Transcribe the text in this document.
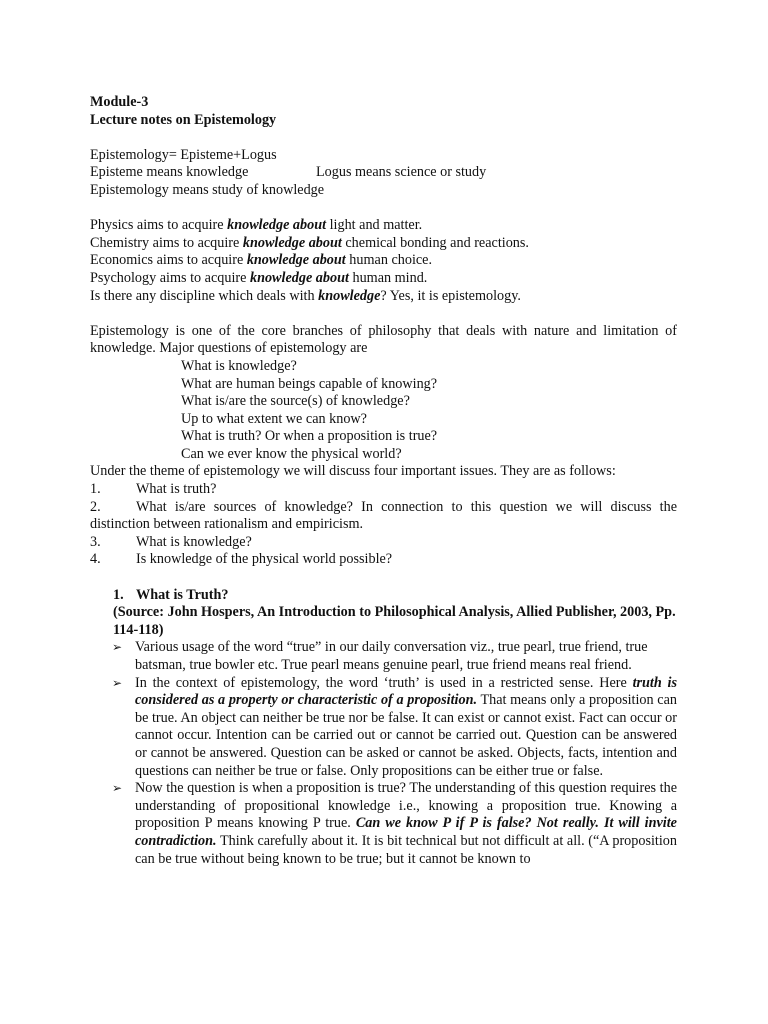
Module-3

Lecture notes on Epistemology

Epistemology= Episteme+Logus

Episteme means knowledge	Logus means science or study

Epistemology means study of knowledge

Physics aims to acquire knowledge about light and matter.

Chemistry aims to acquire knowledge about chemical bonding and reactions.

Economics aims to acquire knowledge about human choice.

Psychology aims to acquire knowledge about human mind.

Is there any discipline which deals with knowledge? Yes, it is epistemology.

Epistemology is one of the core branches of philosophy that deals with nature and limitation of knowledge. Major questions of epistemology are

What is knowledge?

What are human beings capable of knowing?

What is/are the source(s) of knowledge?

Up to what extent we can know?

What is truth? Or when a proposition is true?

Can we ever know the physical world?

Under the theme of epistemology we will discuss four important issues. They are as follows:

1.	What is truth?

2. What is/are sources of knowledge? In connection to this question we will discuss the distinction between rationalism and empiricism.

3.	What is knowledge?
4.	Is knowledge of the physical world possible?
1. What is Truth?

(Source: John Hospers, An Introduction to Philosophical Analysis, Allied Publisher, 2003, Pp. 114-118)

➢ Various usage of the word “true” in our daily conversation viz., true pearl, true friend, true batsman, true bowler etc. True pearl means genuine pearl, true friend means real friend.

➢ In the context of epistemology, the word ‘truth’ is used in a restricted sense. Here truth is considered as a property or characteristic of a proposition. That means only a proposition can be true. An object can neither be true nor be false. It can exist or cannot exist. Fact can occur or cannot occur. Intention can be carried out or cannot be carried out. Question can be answered or cannot be answered. Question can be asked or cannot be asked. Objects, facts, intention and questions can neither be true or false. Only propositions can be either true or false.

➢ Now the question is when a proposition is true? The understanding of this question requires the understanding of propositional knowledge i.e., knowing a proposition true. Knowing a proposition P means knowing P true. Can we know P if P is false? Not really. It will invite contradiction. Think carefully about it. It is bit technical but not difficult at all. (“A proposition can be true without being known to be true; but it cannot be known to
